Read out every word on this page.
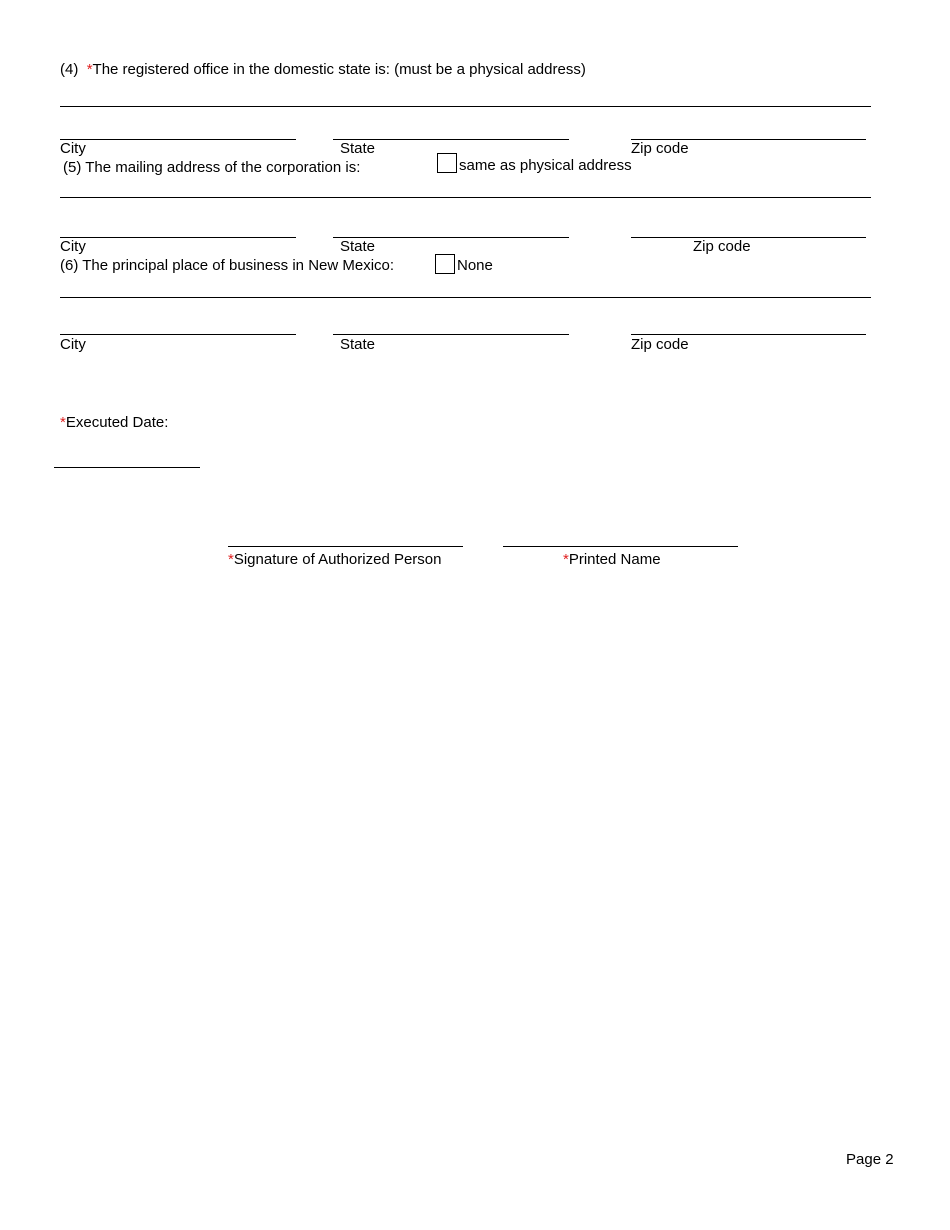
(4) *The registered office in the domestic state is: (must be a physical address)
City	State	Zip code
(5) The mailing address of the corporation is:	same as physical address
City	State	Zip code
(6) The principal place of business in New Mexico:	None
City	State	Zip code
*Executed Date:
*Signature of Authorized Person	*Printed Name
Page 2
